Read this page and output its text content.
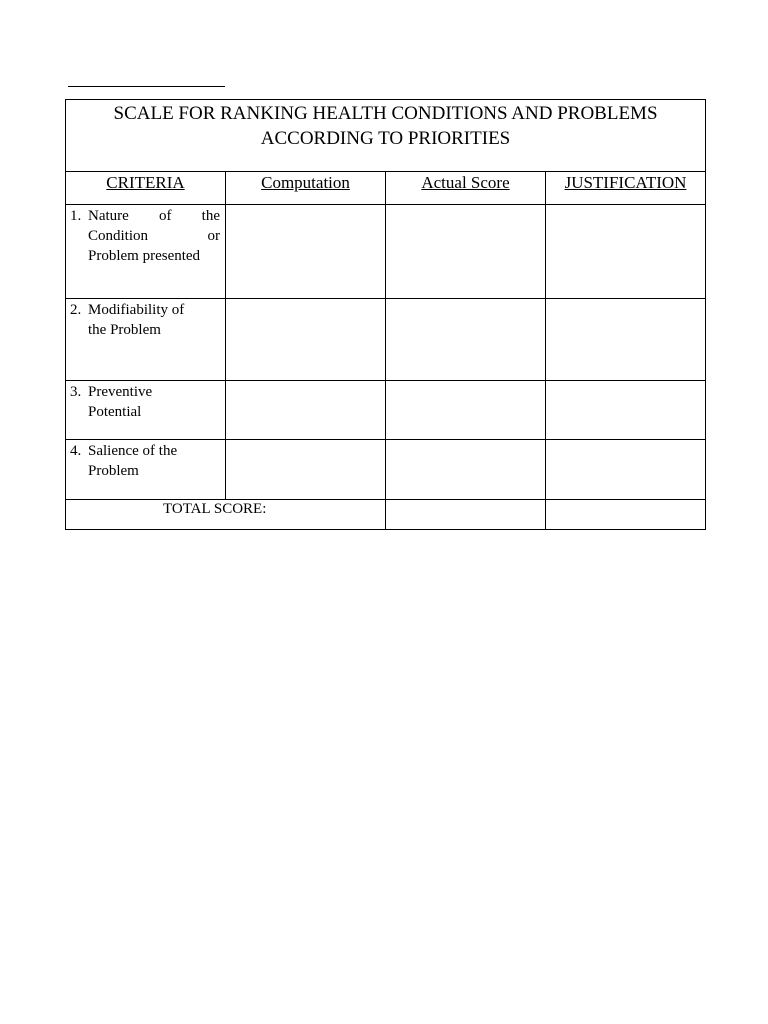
SCALE FOR RANKING HEALTH CONDITIONS AND PROBLEMS
ACCORDING TO PRIORITIES			

CRITERIA	Computation	Actual Score	JUSTIFICATION

1. Nature of the
Condition or
Problem presented			

2. Modifiability of
the Problem			

3. Preventive
Potential			

4. Salience of the
Problem			

TOTAL SCORE:			
